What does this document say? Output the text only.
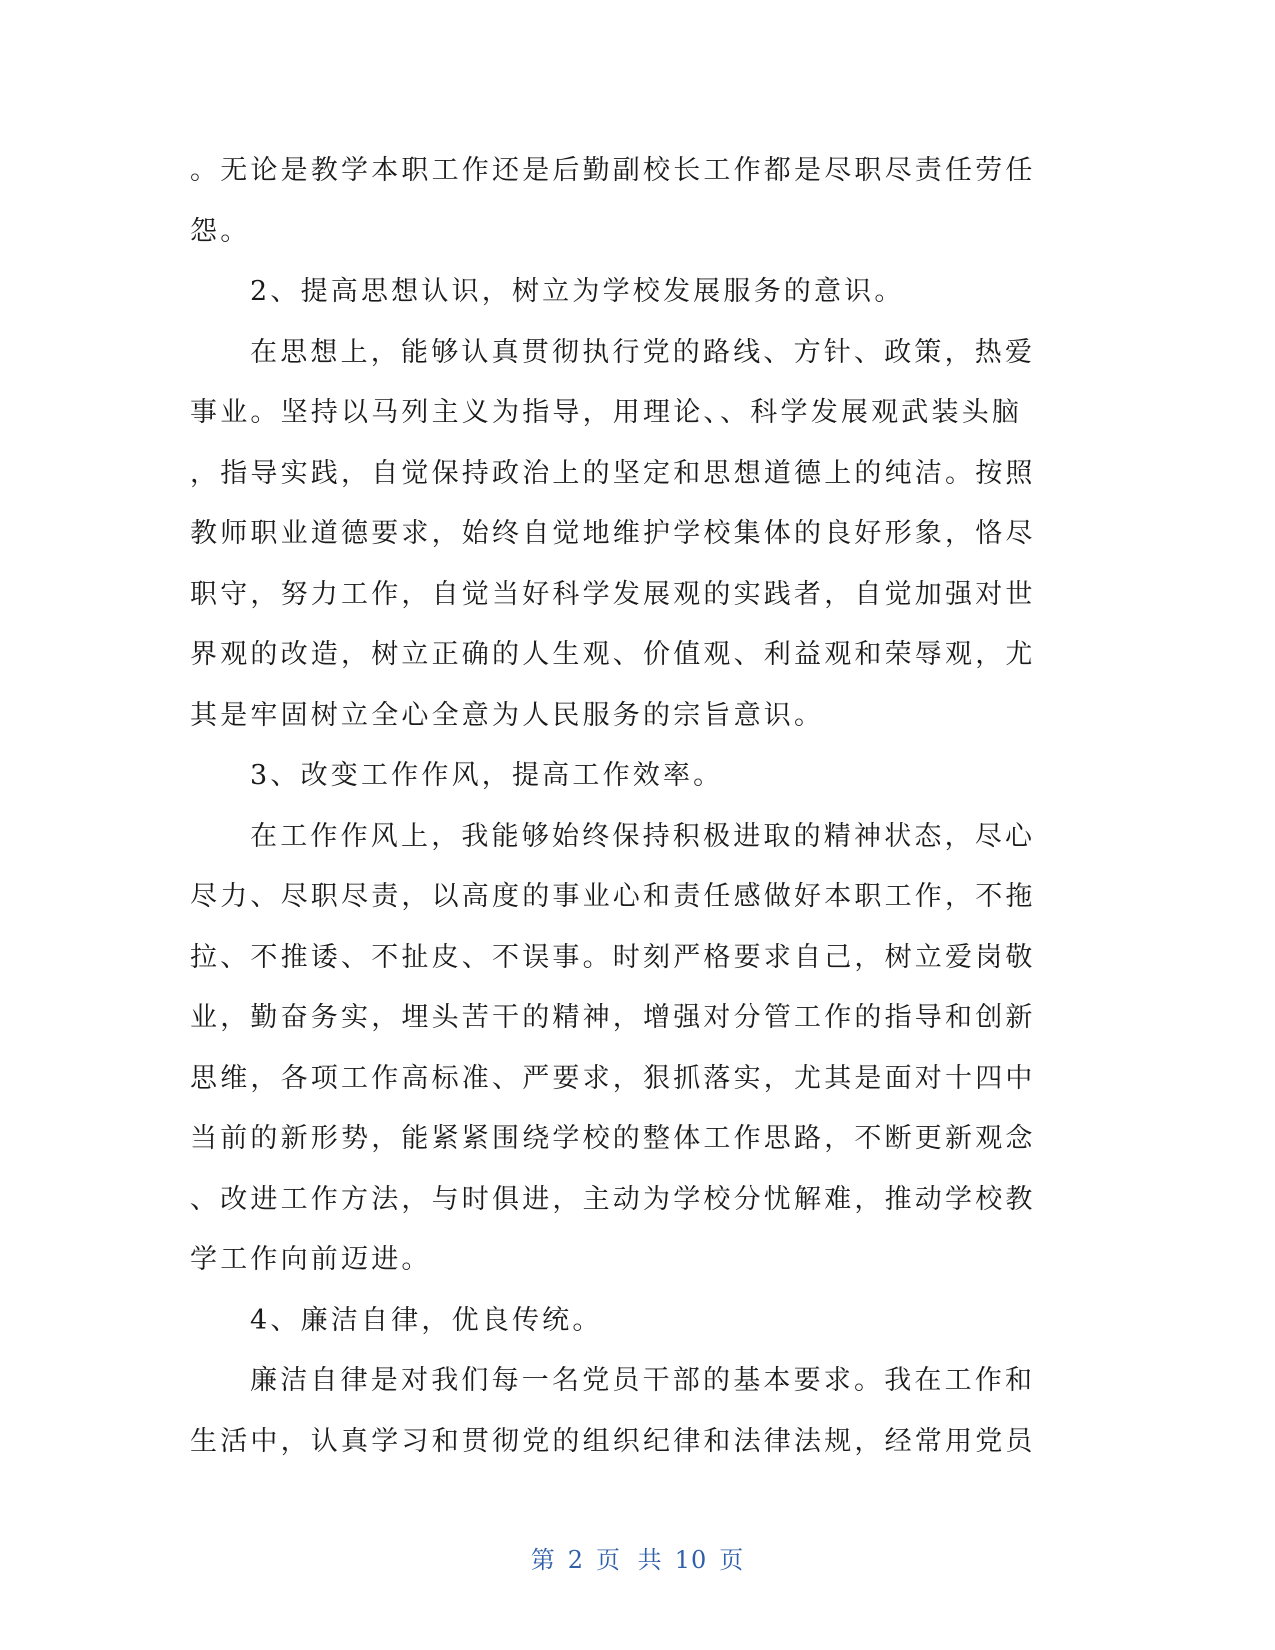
。无论是教学本职工作还是后勤副校长工作都是尽职尽责任劳任
怨。
2、提高思想认识，树立为学校发展服务的意识。
在思想上，能够认真贯彻执行党的路线、方针、政策，热爱
事业。坚持以马列主义为指导，用理论、、科学发展观武装头脑
，指导实践，自觉保持政治上的坚定和思想道德上的纯洁。按照
教师职业道德要求，始终自觉地维护学校集体的良好形象，恪尽
职守，努力工作，自觉当好科学发展观的实践者，自觉加强对世
界观的改造，树立正确的人生观、价值观、利益观和荣辱观，尤
其是牢固树立全心全意为人民服务的宗旨意识。
3、改变工作作风，提高工作效率。
在工作作风上，我能够始终保持积极进取的精神状态，尽心
尽力、尽职尽责，以高度的事业心和责任感做好本职工作，不拖
拉、不推诿、不扯皮、不误事。时刻严格要求自己，树立爱岗敬
业，勤奋务实，埋头苦干的精神，增强对分管工作的指导和创新
思维，各项工作高标准、严要求，狠抓落实，尤其是面对十四中
当前的新形势，能紧紧围绕学校的整体工作思路，不断更新观念
、改进工作方法，与时俱进，主动为学校分忧解难，推动学校教
学工作向前迈进。
4、廉洁自律，优良传统。
廉洁自律是对我们每一名党员干部的基本要求。我在工作和
生活中，认真学习和贯彻党的组织纪律和法律法规，经常用党员
第 2 页 共 10 页
